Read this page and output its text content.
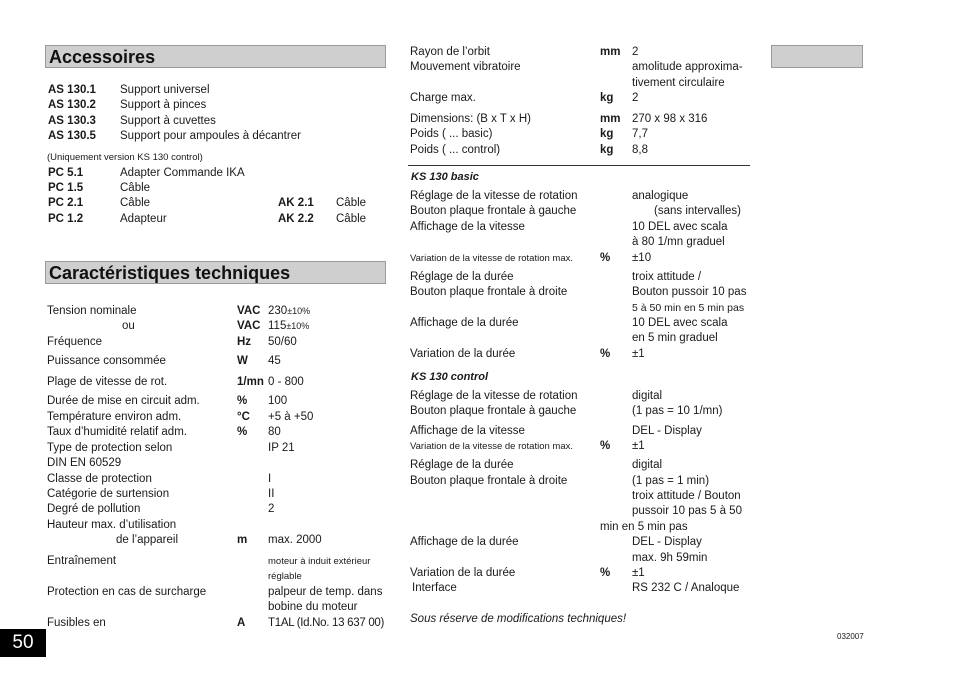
Accessoires
AS 130.1 Support universel
AS 130.2 Support à pinces
AS 130.3 Support à cuvettes
AS 130.5 Support pour ampoules à décantrer
(Uniquement version KS 130 control)
PC 5.1	Adapter Commande IKA
PC 1.5	Câble
PC 2.1	Câble	AK 2.1 Câble
PC 1.2	Adapteur	AK 2.2 Câble
Caractéristiques techniques
Tension nominale	VAC 230±10%
ou	VAC 115±10%
Fréquence	Hz 50/60
Puissance consommée	W 45
Plage de vitesse de rot.	1/mn 0 - 800
Durée de mise en circuit adm.	% 100
Température environ adm.	°C +5 à +50
Taux d’humidité relatif adm.	% 80
Type de protection selon	IP 21
DIN EN 60529
Classe de protection	I
Catégorie de surtension	II
Degré de pollution	2
Hauteur max. d’utilisation
de l’appareil	m max. 2000
Entraînement	moteur à induit extérieur
réglable
Protection en cas de surcharge	palpeur de temp. dans
bobine du moteur
Fusibles en	A T1AL (Id.No. 13 637 00)
Rayon de l’orbit	mm 2
Mouvement vibratoire	amolitude approxima-
tivement circulaire
Charge max.	kg 2
Dimensions: (B x T x H)	mm 270 x 98 x 316
Poids ( ... basic)	kg 7,7
Poids ( ... control)	kg 8,8
KS 130 basic
Réglage de la vitesse de rotation	analogique
Bouton plaque frontale à gauche	(sans intervalles)
Affichage de la vitesse	10 DEL avec scala
à 80 1/mn graduel
Variation de la vitesse de rotation max. % ±10
Réglage de la durée	troix attitude /
Bouton plaque frontale à droite	Bouton pussoir 10 pas
5 à 50 min en 5 min pas
Affichage de la durée	10 DEL avec scala
en 5 min graduel
Variation de la durée	% ±1
KS 130 control
Réglage de la vitesse de rotation	digital
Bouton plaque frontale à gauche	(1 pas = 10 1/mn)
Affichage de la vitesse	DEL - Display
Variation de la vitesse de rotation max. % ±1
Réglage de la durée	digital
Bouton plaque frontale à droite	(1 pas = 1 min)
troix attitude / Bouton
pussoir 10 pas 5 à 50
min en 5 min pas
Affichage de la durée	DEL - Display
max. 9h 59min
Variation de la durée	% ±1
Interface	RS 232 C / Analoque
Sous réserve de modifications techniques!
032007
50
